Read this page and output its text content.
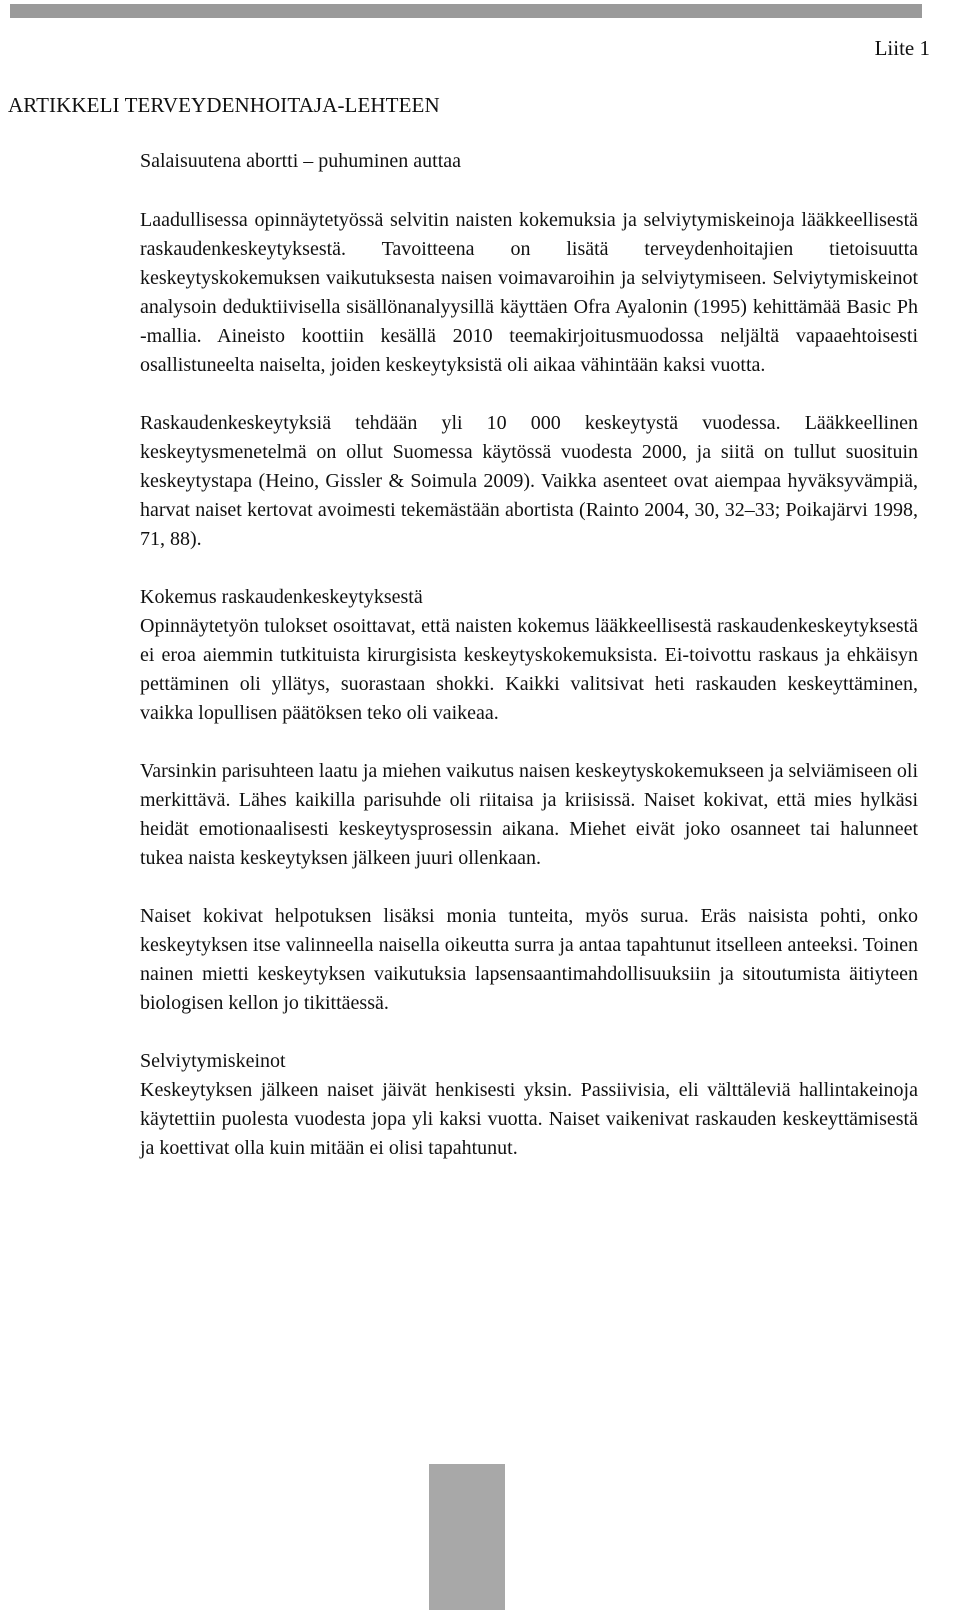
Liite 1
ARTIKKELI TERVEYDENHOITAJA-LEHTEEN

Salaisuutena abortti – puhuminen auttaa

Laadullisessa opinnäytetyössä selvitin naisten kokemuksia ja selviytymiskeinoja lääkkeellisestä raskaudenkeskeytyksestä. Tavoitteena on lisätä terveydenhoitajien tietoisuutta keskeytyskokemuksen vaikutuksesta naisen voimavaroihin ja selviytymiseen. Selviytymiskeinot analysoin deduktiivisella sisällönanalyysillä käyttäen Ofra Ayalonin (1995) kehittämää Basic Ph -mallia. Aineisto koottiin kesällä 2010 teemakirjoitusmuodossa neljältä vapaaehtoisesti osallistuneelta naiselta, joiden keskeytyksistä oli aikaa vähintään kaksi vuotta.

Raskaudenkeskeytyksiä tehdään yli 10 000 keskeytystä vuodessa. Lääkkeellinen keskeytysmenetelmä on ollut Suomessa käytössä vuodesta 2000, ja siitä on tullut suosituin keskeytystapa (Heino, Gissler & Soimula 2009). Vaikka asenteet ovat aiempaa hyväksyvämpiä, harvat naiset kertovat avoimesti tekemästään abortista (Rainto 2004, 30, 32–33; Poikajärvi 1998, 71, 88).

Kokemus raskaudenkeskeytyksestä

Opinnäytetyön tulokset osoittavat, että naisten kokemus lääkkeellisestä raskaudenkeskeytyksestä ei eroa aiemmin tutkituista kirurgisista keskeytyskokemuksista. Ei-toivottu raskaus ja ehkäisyn pettäminen oli yllätys, suorastaan shokki. Kaikki valitsivat heti raskauden keskeyttäminen, vaikka lopullisen päätöksen teko oli vaikeaa.

Varsinkin parisuhteen laatu ja miehen vaikutus naisen keskeytyskokemukseen ja selviämiseen oli merkittävä. Lähes kaikilla parisuhde oli riitaisa ja kriisissä. Naiset kokivat, että mies hylkäsi heidät emotionaalisesti keskeytysprosessin aikana. Miehet eivät joko osanneet tai halunneet tukea naista keskeytyksen jälkeen juuri ollenkaan.

Naiset kokivat helpotuksen lisäksi monia tunteita, myös surua. Eräs naisista pohti, onko keskeytyksen itse valinneella naisella oikeutta surra ja antaa tapahtunut itselleen anteeksi. Toinen nainen mietti keskeytyksen vaikutuksia lapsensaantimahdollisuuksiin ja sitoutumista äitiyteen biologisen kellon jo tikittäessä.

Selviytymiskeinot

Keskeytyksen jälkeen naiset jäivät henkisesti yksin. Passiivisia, eli välttäleviä hallintakeinoja käytettiin puolesta vuodesta jopa yli kaksi vuotta. Naiset vaikenivat raskauden keskeyttämisestä ja koettivat olla kuin mitään ei olisi tapahtunut.
